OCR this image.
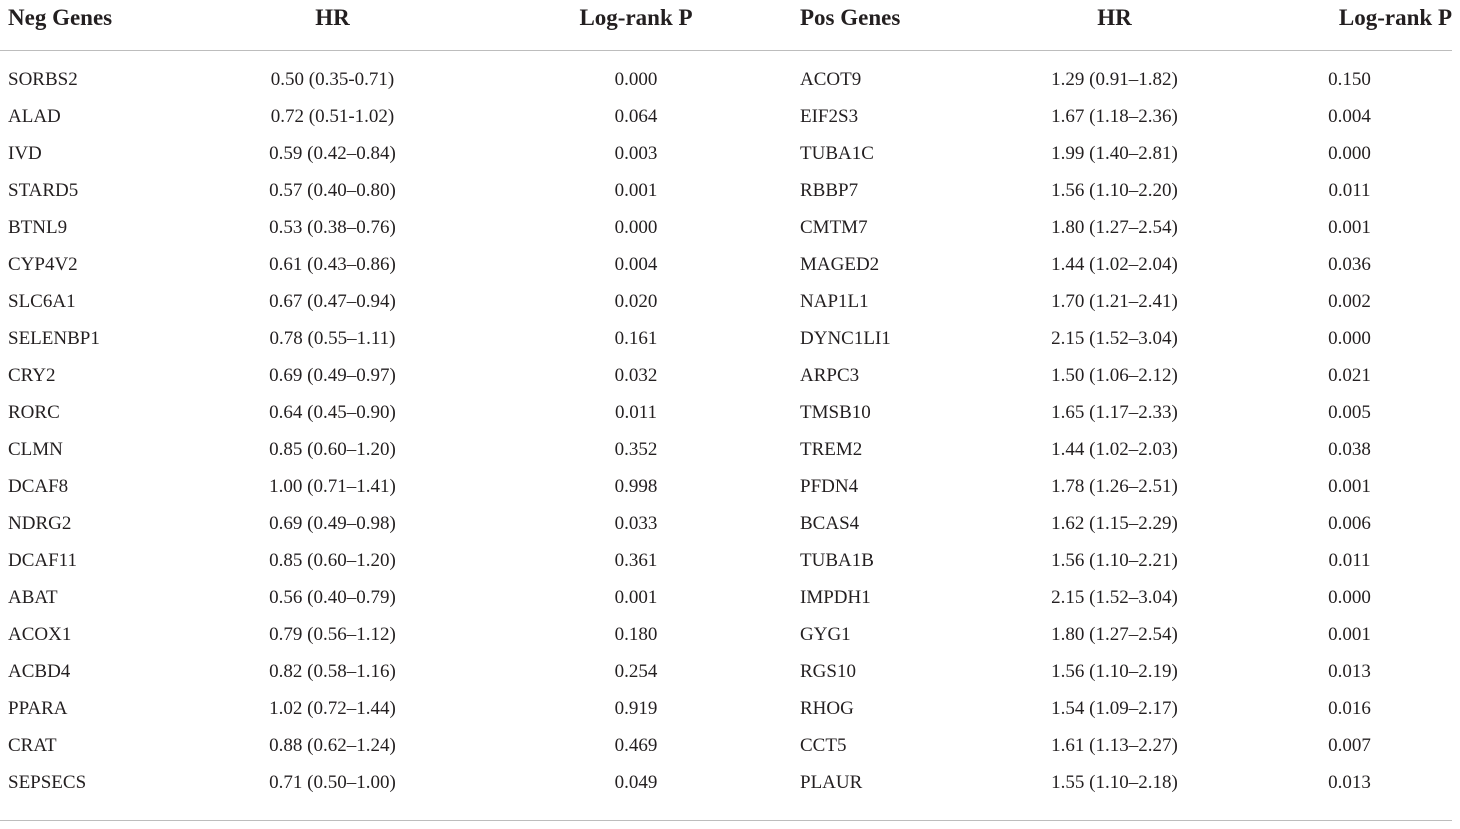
Neg Genes	HR	Log-rank P	Pos Genes	HR	Log-rank P
SORBS2	0.50 (0.35-0.71)	0.000	ACOT9	1.29 (0.91–1.82)	0.150
ALAD	0.72 (0.51-1.02)	0.064	EIF2S3	1.67 (1.18–2.36)	0.004
IVD	0.59 (0.42–0.84)	0.003	TUBA1C	1.99 (1.40–2.81)	0.000
STARD5	0.57 (0.40–0.80)	0.001	RBBP7	1.56 (1.10–2.20)	0.011
BTNL9	0.53 (0.38–0.76)	0.000	CMTM7	1.80 (1.27–2.54)	0.001
CYP4V2	0.61 (0.43–0.86)	0.004	MAGED2	1.44 (1.02–2.04)	0.036
SLC6A1	0.67 (0.47–0.94)	0.020	NAP1L1	1.70 (1.21–2.41)	0.002
SELENBP1	0.78 (0.55–1.11)	0.161	DYNC1LI1	2.15 (1.52–3.04)	0.000
CRY2	0.69 (0.49–0.97)	0.032	ARPC3	1.50 (1.06–2.12)	0.021
RORC	0.64 (0.45–0.90)	0.011	TMSB10	1.65 (1.17–2.33)	0.005
CLMN	0.85 (0.60–1.20)	0.352	TREM2	1.44 (1.02–2.03)	0.038
DCAF8	1.00 (0.71–1.41)	0.998	PFDN4	1.78 (1.26–2.51)	0.001
NDRG2	0.69 (0.49–0.98)	0.033	BCAS4	1.62 (1.15–2.29)	0.006
DCAF11	0.85 (0.60–1.20)	0.361	TUBA1B	1.56 (1.10–2.21)	0.011
ABAT	0.56 (0.40–0.79)	0.001	IMPDH1	2.15 (1.52–3.04)	0.000
ACOX1	0.79 (0.56–1.12)	0.180	GYG1	1.80 (1.27–2.54)	0.001
ACBD4	0.82 (0.58–1.16)	0.254	RGS10	1.56 (1.10–2.19)	0.013
PPARA	1.02 (0.72–1.44)	0.919	RHOG	1.54 (1.09–2.17)	0.016
CRAT	0.88 (0.62–1.24)	0.469	CCT5	1.61 (1.13–2.27)	0.007
SEPSECS	0.71 (0.50–1.00)	0.049	PLAUR	1.55 (1.10–2.18)	0.013
